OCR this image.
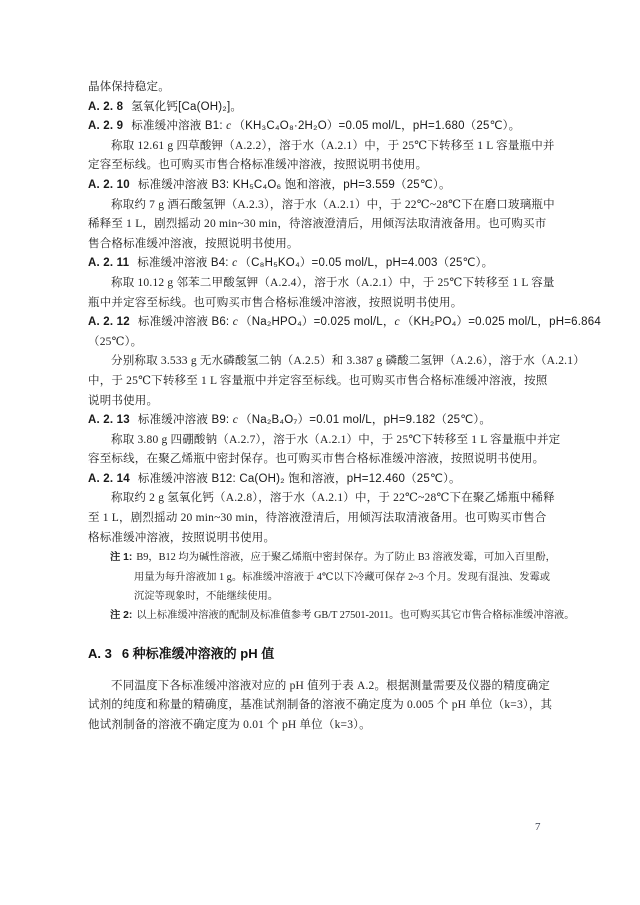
晶体保持稳定。
A. 2. 8 氢氧化钙[Ca(OH)₂]。
A. 2. 9 标准缓冲溶液 B1: c （KH₃C₄O₈·2H₂O）=0.05 mol/L，pH=1.680（25℃）。
称取 12.61 g 四草酸钾（A.2.2），溶于水（A.2.1）中，于 25℃下转移至 1 L 容量瓶中并
定容至标线。也可购买市售合格标准缓冲溶液，按照说明书使用。
A. 2. 10 标准缓冲溶液 B3: KH₅C₄O₆ 饱和溶液，pH=3.559（25℃）。
称取约 7 g 酒石酸氢钾（A.2.3），溶于水（A.2.1）中，于 22℃~28℃下在磨口玻璃瓶中
稀释至 1 L，剧烈摇动 20 min~30 min，待溶液澄清后，用倾泻法取清液备用。也可购买市
售合格标准缓冲溶液，按照说明书使用。
A. 2. 11 标准缓冲溶液 B4: c （C₈H₅KO₄）=0.05 mol/L，pH=4.003（25℃）。
称取 10.12 g 邻苯二甲酸氢钾（A.2.4），溶于水（A.2.1）中，于 25℃下转移至 1 L 容量
瓶中并定容至标线。也可购买市售合格标准缓冲溶液，按照说明书使用。
A. 2. 12 标准缓冲溶液 B6: c （Na₂HPO₄）=0.025 mol/L，c （KH₂PO₄）=0.025 mol/L，pH=6.864
（25℃）。
分别称取 3.533 g 无水磷酸氢二钠（A.2.5）和 3.387 g 磷酸二氢钾（A.2.6），溶于水（A.2.1）
中，于 25℃下转移至 1 L 容量瓶中并定容至标线。也可购买市售合格标准缓冲溶液，按照
说明书使用。
A. 2. 13 标准缓冲溶液 B9: c （Na₂B₄O₇）=0.01 mol/L，pH=9.182（25℃）。
称取 3.80 g 四硼酸钠（A.2.7），溶于水（A.2.1）中，于 25℃下转移至 1 L 容量瓶中并定
容至标线，在聚乙烯瓶中密封保存。也可购买市售合格标准缓冲溶液，按照说明书使用。
A. 2. 14 标准缓冲溶液 B12: Ca(OH)₂ 饱和溶液，pH=12.460（25℃）。
称取约 2 g 氢氧化钙（A.2.8），溶于水（A.2.1）中，于 22℃~28℃下在聚乙烯瓶中稀释
至 1 L，剧烈摇动 20 min~30 min，待溶液澄清后，用倾泻法取清液备用。也可购买市售合
格标准缓冲溶液，按照说明书使用。
注 1: B9，B12 均为碱性溶液，应于聚乙烯瓶中密封保存。为了防止 B3 溶液发霉，可加入百里酚，
用量为每升溶液加 1 g。标准缓冲溶液于 4℃以下冷藏可保存 2~3 个月。发现有混浊、发霉或
沉淀等现象时，不能继续使用。
注 2: 以上标准缓冲溶液的配制及标准值参考 GB/T 27501-2011。也可购买其它市售合格标准缓冲溶液。
A. 3 6 种标准缓冲溶液的 pH 值
不同温度下各标准缓冲溶液对应的 pH 值列于表 A.2。根据测量需要及仪器的精度确定
试剂的纯度和称量的精确度，基准试剂制备的溶液不确定度为 0.005 个 pH 单位（k=3），其
他试剂制备的溶液不确定度为 0.01 个 pH 单位（k=3）。
7
